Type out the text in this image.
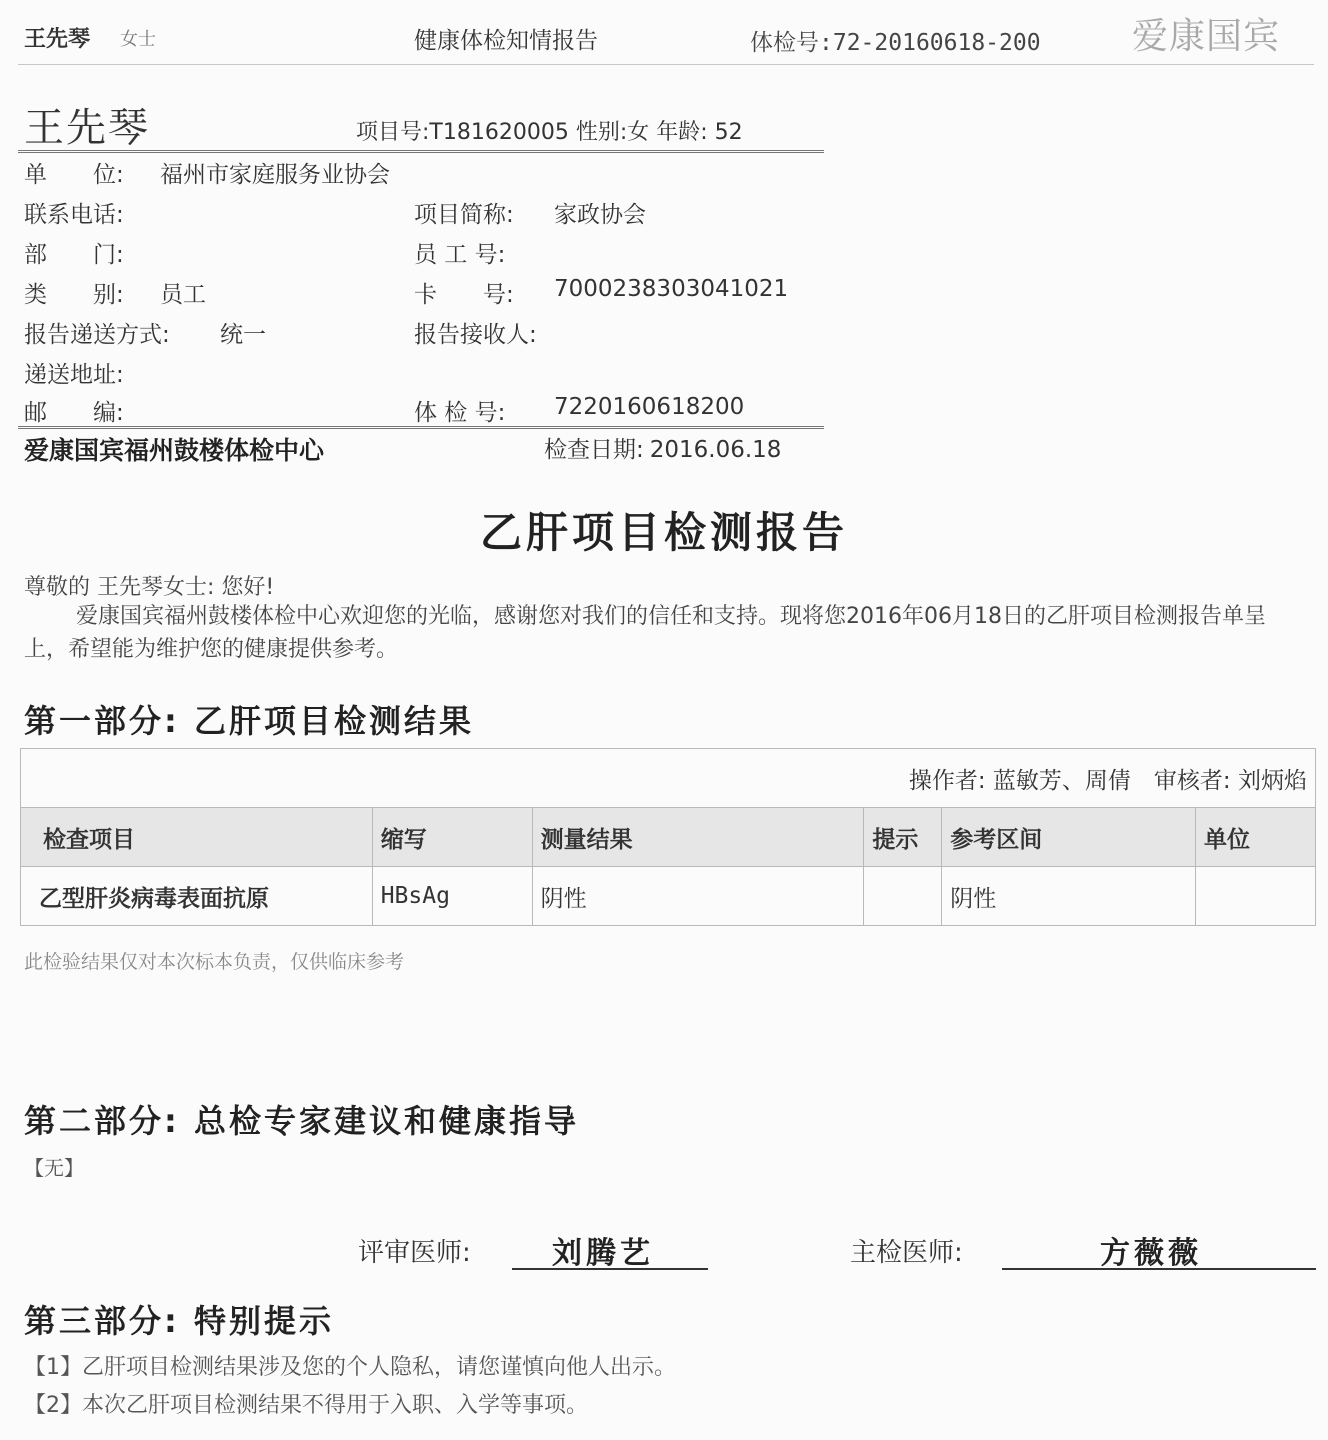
王先琴 女士	健康体检知情报告	体检号:72-20160618-200	爱康国宾
王先琴	项目号:T181620005 性别:女 年龄: 52
单　　位: 福州市家庭服务业协会
联系电话:	项目简称: 家政协会
部　　门:	员 工 号:
类　　别: 员工	卡　　号: 7000238303041021
报告递送方式: 统一	报告接收人:
递送地址:
邮　　编:	体 检 号: 7220160618200
爱康国宾福州鼓楼体检中心	检查日期: 2016.06.18
乙肝项目检测报告
尊敬的 王先琴女士: 您好!
爱康国宾福州鼓楼体检中心欢迎您的光临，感谢您对我们的信任和支持。现将您2016年06月18日的乙肝项目检测报告单呈上，希望能为维护您的健康提供参考。
第一部分: 乙肝项目检测结果
操作者: 蓝敏芳、周倩　审核者: 刘炳焰					
检查项目	缩写	测量结果	提示	参考区间	单位
乙型肝炎病毒表面抗原	HBsAg	阴性		阴性	
此检验结果仅对本次标本负责，仅供临床参考
第二部分: 总检专家建议和健康指导
【无】
评审医师:	刘腾艺	主检医师:	方薇薇
第三部分: 特别提示
【1】乙肝项目检测结果涉及您的个人隐私，请您谨慎向他人出示。
【2】本次乙肝项目检测结果不得用于入职、入学等事项。
